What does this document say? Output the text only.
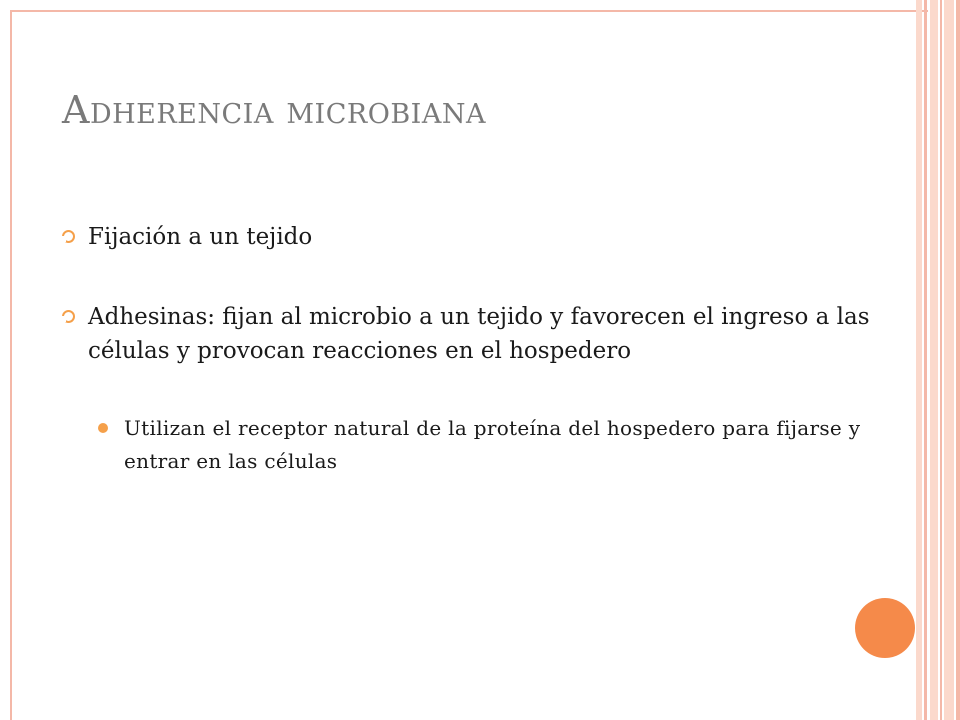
Adherencia microbiana
Fijación a un tejido
Adhesinas: fijan al microbio a un tejido y favorecen el ingreso a las células y provocan reacciones en el hospedero
Utilizan el receptor natural de la proteína del hospedero para fijarse y entrar en las células
